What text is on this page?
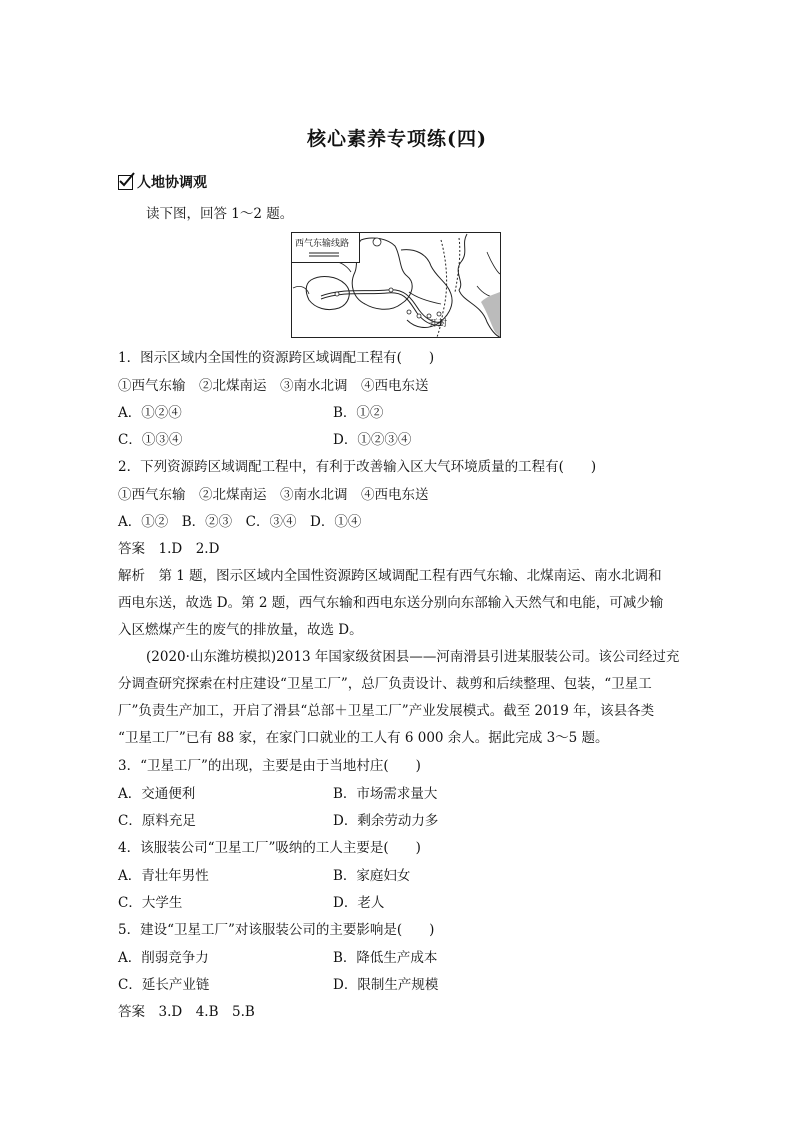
核心素养专项练(四)
人地协调观
读下图，回答 1～2 题。
西气东输线路
开封
1．图示区域内全国性的资源跨区域调配工程有(　　)
①西气东输　②北煤南运　③南水北调　④西电东送
A．①②④	B．①②
C．①③④	D．①②③④
2．下列资源跨区域调配工程中，有利于改善输入区大气环境质量的工程有(　　)
①西气东输　②北煤南运　③南水北调　④西电东送
A．①②　B．②③　C．③④　D．①④
答案　1.D　2.D
解析　第 1 题，图示区域内全国性资源跨区域调配工程有西气东输、北煤南运、南水北调和
西电东送，故选 D。第 2 题，西气东输和西电东送分别向东部输入天然气和电能，可减少输
入区燃煤产生的废气的排放量，故选 D。
(2020·山东潍坊模拟)2013 年国家级贫困县——河南滑县引进某服装公司。该公司经过充
分调查研究探索在村庄建设“卫星工厂”，总厂负责设计、裁剪和后续整理、包装，“卫星工
厂”负责生产加工，开启了滑县“总部＋卫星工厂”产业发展模式。截至 2019 年，该县各类
“卫星工厂”已有 88 家，在家门口就业的工人有 6 000 余人。据此完成 3～5 题。
3．“卫星工厂”的出现，主要是由于当地村庄(　　)
A．交通便利	B．市场需求量大
C．原料充足	D．剩余劳动力多
4．该服装公司“卫星工厂”吸纳的工人主要是(　　)
A．青壮年男性	B．家庭妇女
C．大学生	D．老人
5．建设“卫星工厂”对该服装公司的主要影响是(　　)
A．削弱竞争力	B．降低生产成本
C．延长产业链	D．限制生产规模
答案　3.D　4.B　5.B
